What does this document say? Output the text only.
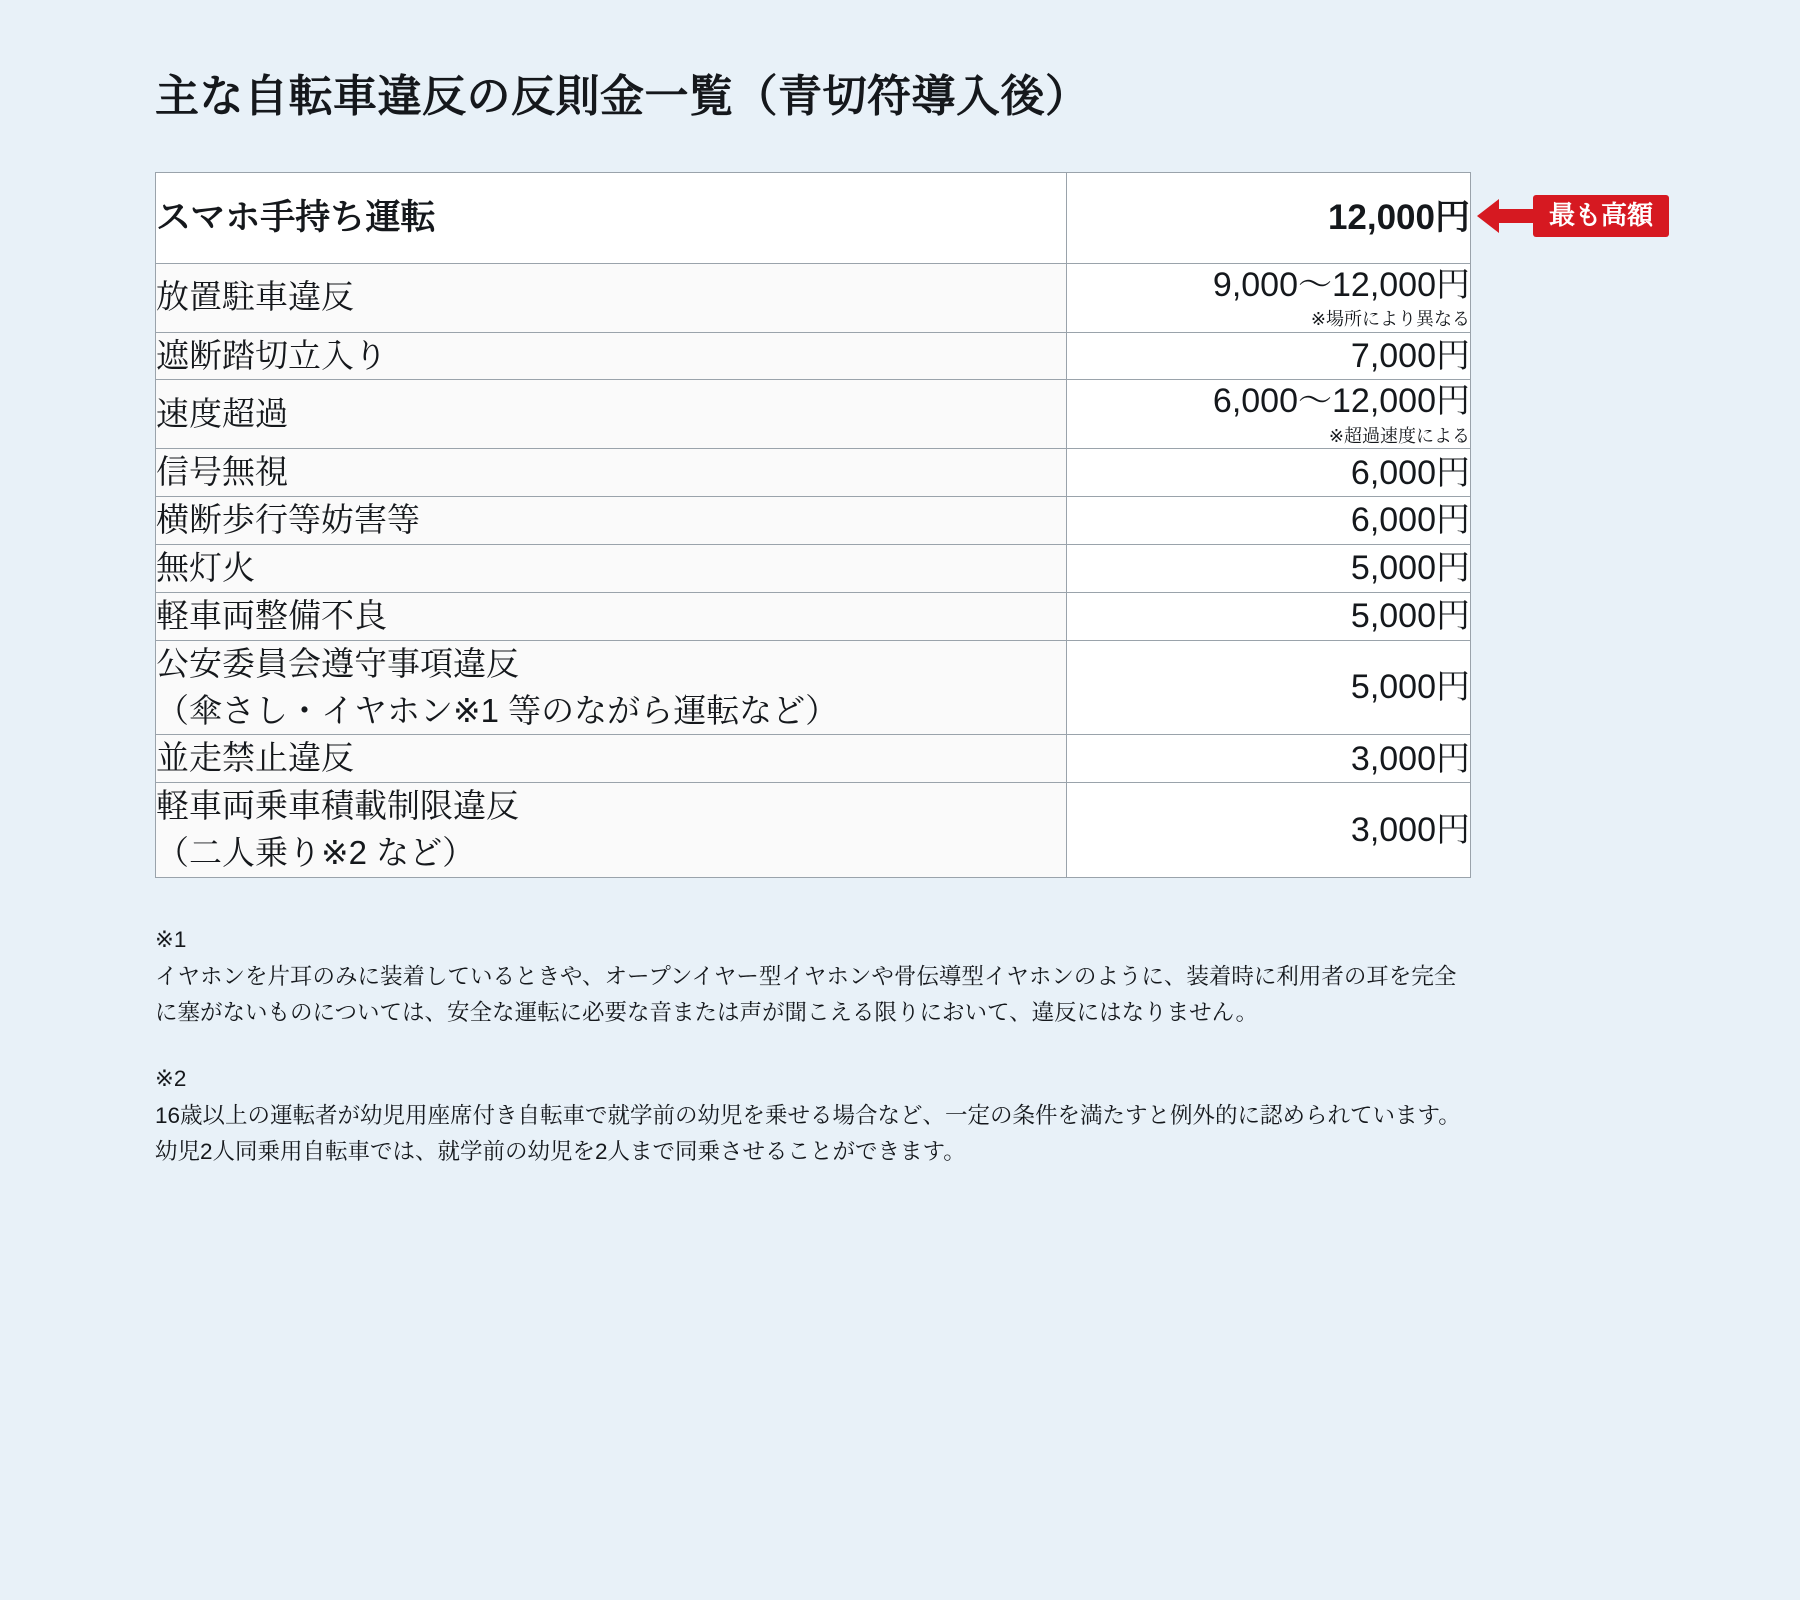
主な自転車違反の反則金一覧（青切符導入後）
スマホ手持ち運転	12,000円
放置駐車違反	9,000〜12,000円
※場所により異なる

遮断踏切立入り	7,000円
速度超過	6,000〜12,000円
※超過速度による

信号無視	6,000円
横断歩行等妨害等	6,000円
無灯火	5,000円
軽車両整備不良	5,000円
公安委員会遵守事項違反
（傘さし・イヤホン※1 等のながら運転など）	5,000円
並走禁止違反	3,000円
軽車両乗車積載制限違反
（二人乗り※2 など）	3,000円
最も高額
※1
イヤホンを片耳のみに装着しているときや、オープンイヤー型イヤホンや骨伝導型イヤホンのように、装着時に利用者の耳を完全に塞がないものについては、安全な運転に必要な音または声が聞こえる限りにおいて、違反にはなりません。
※2
16歳以上の運転者が幼児用座席付き自転車で就学前の幼児を乗せる場合など、一定の条件を満たすと例外的に認められています。幼児2人同乗用自転車では、就学前の幼児を2人まで同乗させることができます。
